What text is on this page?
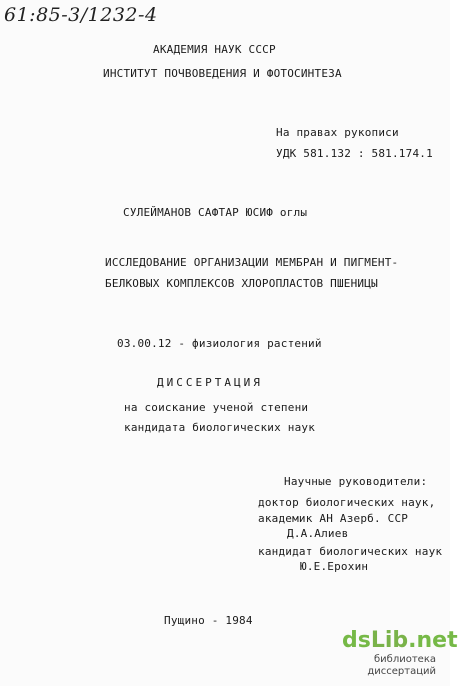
61:85-3/1232-4
АКАДЕМИЯ НАУК СССР
ИНСТИТУТ ПОЧВОВЕДЕНИЯ И ФОТОСИНТЕЗА
На правах рукописи
УДК 581.132 : 581.174.1
СУЛЕЙМАНОВ САФТАР ЮСИФ оглы
ИССЛЕДОВАНИЕ ОРГАНИЗАЦИИ МЕМБРАН И ПИГМЕНТ-
БЕЛКОВЫХ КОМПЛЕКСОВ ХЛОРОПЛАСТОВ ПШЕНИЦЫ
03.00.12 - физиология растений
ДИССЕРТАЦИЯ
на соискание ученой степени
кандидата биологических наук
Научные руководители:
доктор биологических наук,
академик АН Азерб. ССР
Д.А.Алиев
кандидат биологических наук
Ю.Е.Ерохин
Пущино - 1984
dsLib.net
библиотека диссертаций
